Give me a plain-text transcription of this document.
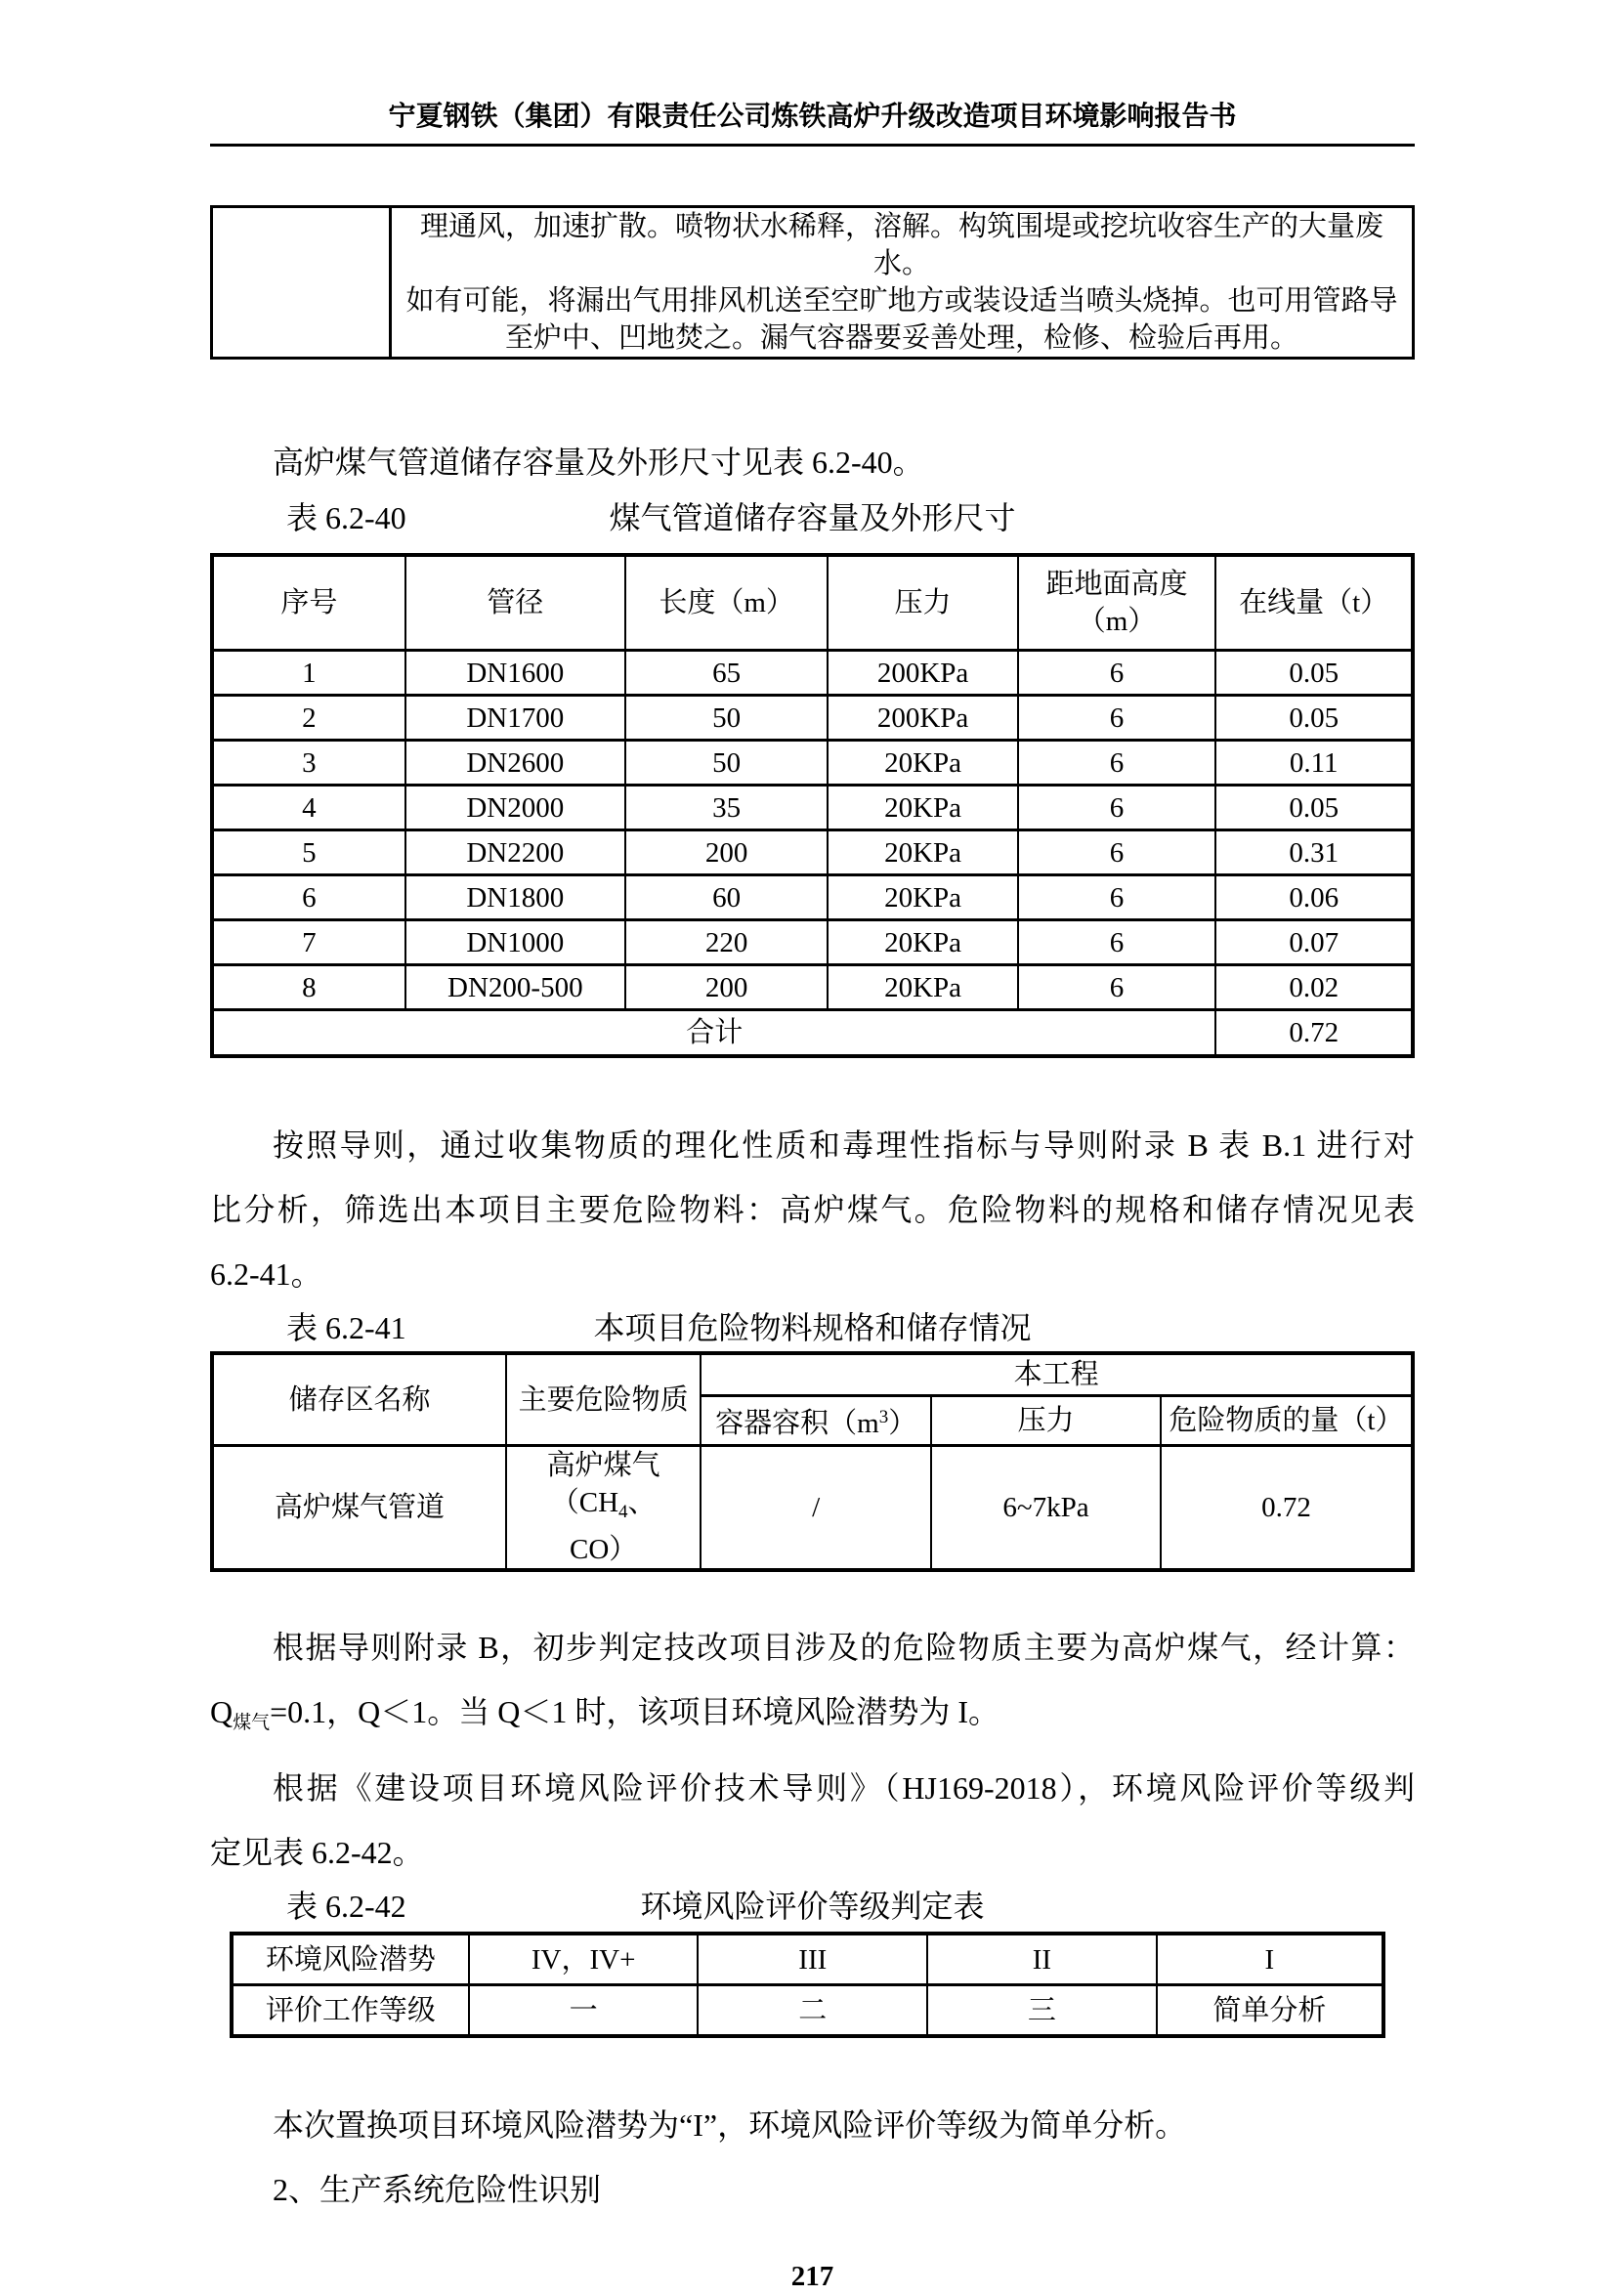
宁夏钢铁（集团）有限责任公司炼铁高炉升级改造项目环境影响报告书

理通风，加速扩散。喷物状水稀释，溶解。构筑围堤或挖坑收容生产的大量废水。
如有可能，将漏出气用排风机送至空旷地方或装设适当喷头烧掉。也可用管路导
至炉中、凹地焚之。漏气容器要妥善处理，检修、检验后再用。
高炉煤气管道储存容量及外形尺寸见表 6.2-40。
表 6.2-40	煤气管道储存容量及外形尺寸
序号	管径	长度（m）	压力	距地面高度（m）	在线量（t）
1	DN1600	65	200KPa	6	0.05
2	DN1700	50	200KPa	6	0.05
3	DN2600	50	20KPa	6	0.11
4	DN2000	35	20KPa	6	0.05
5	DN2200	200	20KPa	6	0.31
6	DN1800	60	20KPa	6	0.06
7	DN1000	220	20KPa	6	0.07
8	DN200-500	200	20KPa	6	0.02
合计					0.72
按照导则，通过收集物质的理化性质和毒理性指标与导则附录 B 表 B.1 进行对
比分析，筛选出本项目主要危险物料：高炉煤气。危险物料的规格和储存情况见表
6.2-41。
表 6.2-41	本项目危险物料规格和储存情况
储存区名称	主要危险物质	本工程		
		容器容积$(m^3)$	压力	危险物质的量（t）
高炉煤气管道	高炉煤气（$CH_4$、
CO）	/	6~7kPa	0.72
根据导则附录 B，初步判定技改项目涉及的危险物质主要为高炉煤气，经计算：
$Q_{煤气}=0.1$，Q＜1。当 Q＜1 时，该项目环境风险潜势为 I。
根据《建设项目环境风险评价技术导则》（HJ169-2018），环境风险评价等级判
定见表 6.2-42。
表 6.2-42	环境风险评价等级判定表
环境风险潜势	IV，IV+	III	II	I
评价工作等级	一	二	三	简单分析
本次置换项目环境风险潜势为“I”，环境风险评价等级为简单分析。
2、生产系统危险性识别
217
